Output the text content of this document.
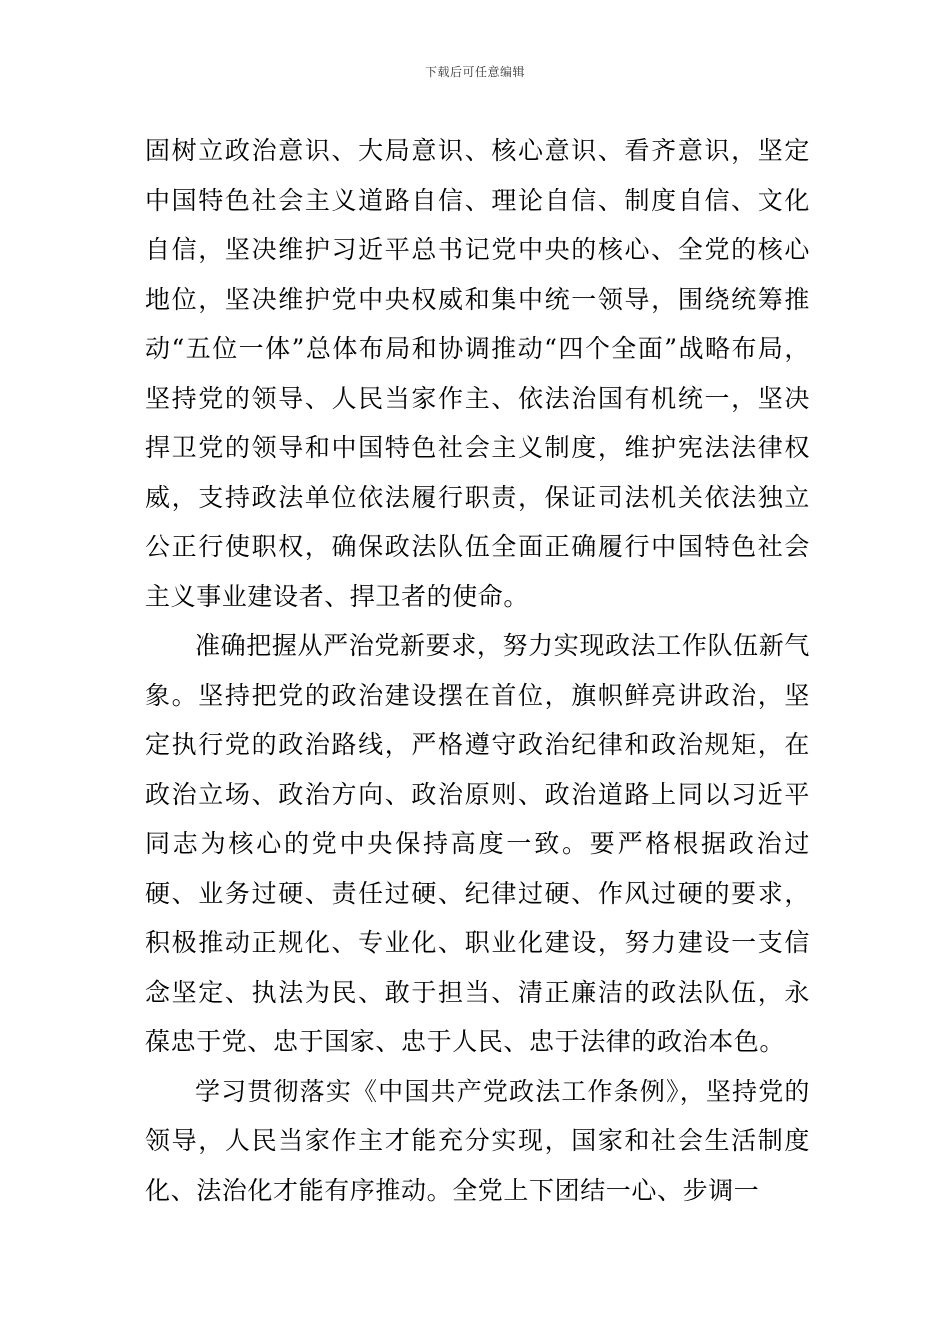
下载后可任意编辑

固树立政治意识、大局意识、核心意识、看齐意识，坚定中国特色社会主义道路自信、理论自信、制度自信、文化自信，坚决维护习近平总书记党中央的核心、全党的核心地位，坚决维护党中央权威和集中统一领导，围绕统筹推动“五位一体”总体布局和协调推动“四个全面”战略布局，坚持党的领导、人民当家作主、依法治国有机统一，坚决捍卫党的领导和中国特色社会主义制度，维护宪法法律权威，支持政法单位依法履行职责，保证司法机关依法独立公正行使职权，确保政法队伍全面正确履行中国特色社会主义事业建设者、捍卫者的使命。

准确把握从严治党新要求，努力实现政法工作队伍新气象。坚持把党的政治建设摆在首位，旗帜鲜亮讲政治，坚定执行党的政治路线，严格遵守政治纪律和政治规矩，在政治立场、政治方向、政治原则、政治道路上同以习近平同志为核心的党中央保持高度一致。要严格根据政治过硬、业务过硬、责任过硬、纪律过硬、作风过硬的要求，积极推动正规化、专业化、职业化建设，努力建设一支信念坚定、执法为民、敢于担当、清正廉洁的政法队伍，永葆忠于党、忠于国家、忠于人民、忠于法律的政治本色。

学习贯彻落实《中国共产党政法工作条例》，坚持党的领导，人民当家作主才能充分实现，国家和社会生活制度化、法治化才能有序推动。全党上下团结一心、步调一
